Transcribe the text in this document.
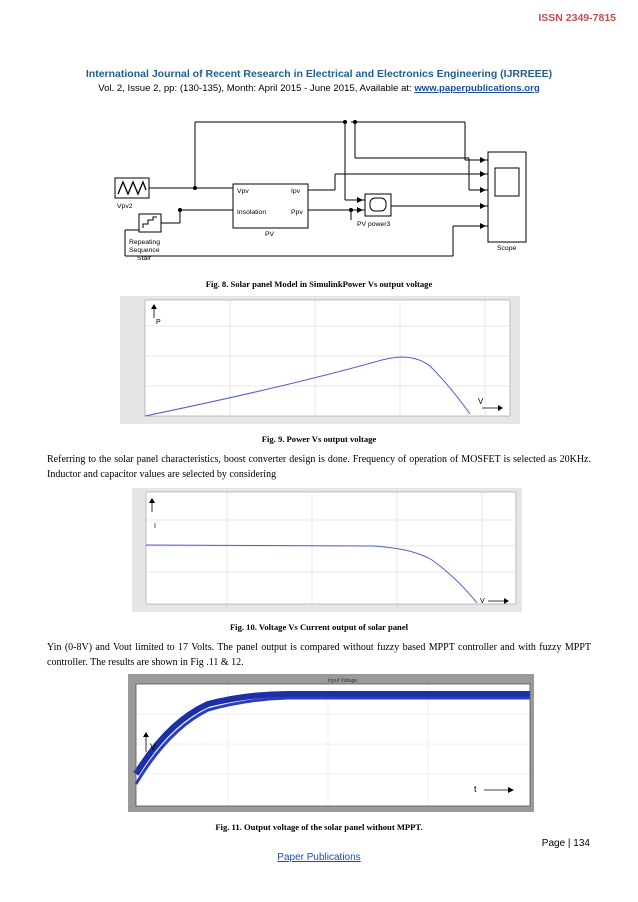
ISSN 2349-7815
International Journal of Recent Research in Electrical and Electronics Engineering (IJRREEE)
Vol. 2, Issue 2, pp: (130-135), Month: April 2015 - June 2015, Available at: www.paperpublications.org
Vpv2
Repeating
Sequence
Stair
Vpv
Insolation
Ipv
Ppv
PV
PV power3
Scope
Fig. 8. Solar panel Model in SimulinkPower Vs output voltage
P
V
Fig. 9. Power Vs output voltage
Referring to the solar panel characteristics, boost converter design is done. Frequency of operation of MOSFET is selected as 20KHz. Inductor and capacitor values are selected by considering
I
V
Fig. 10. Voltage Vs Current output of solar panel
Yin (0-8V) and Vout limited to 17 Volts. The panel output is compared without fuzzy based MPPT controller and with fuzzy MPPT controller. The results are shown in Fig .11 & 12.
Input Voltage
V
t
Fig. 11. Output voltage of the solar panel without MPPT.
Page | 134
Paper Publications
